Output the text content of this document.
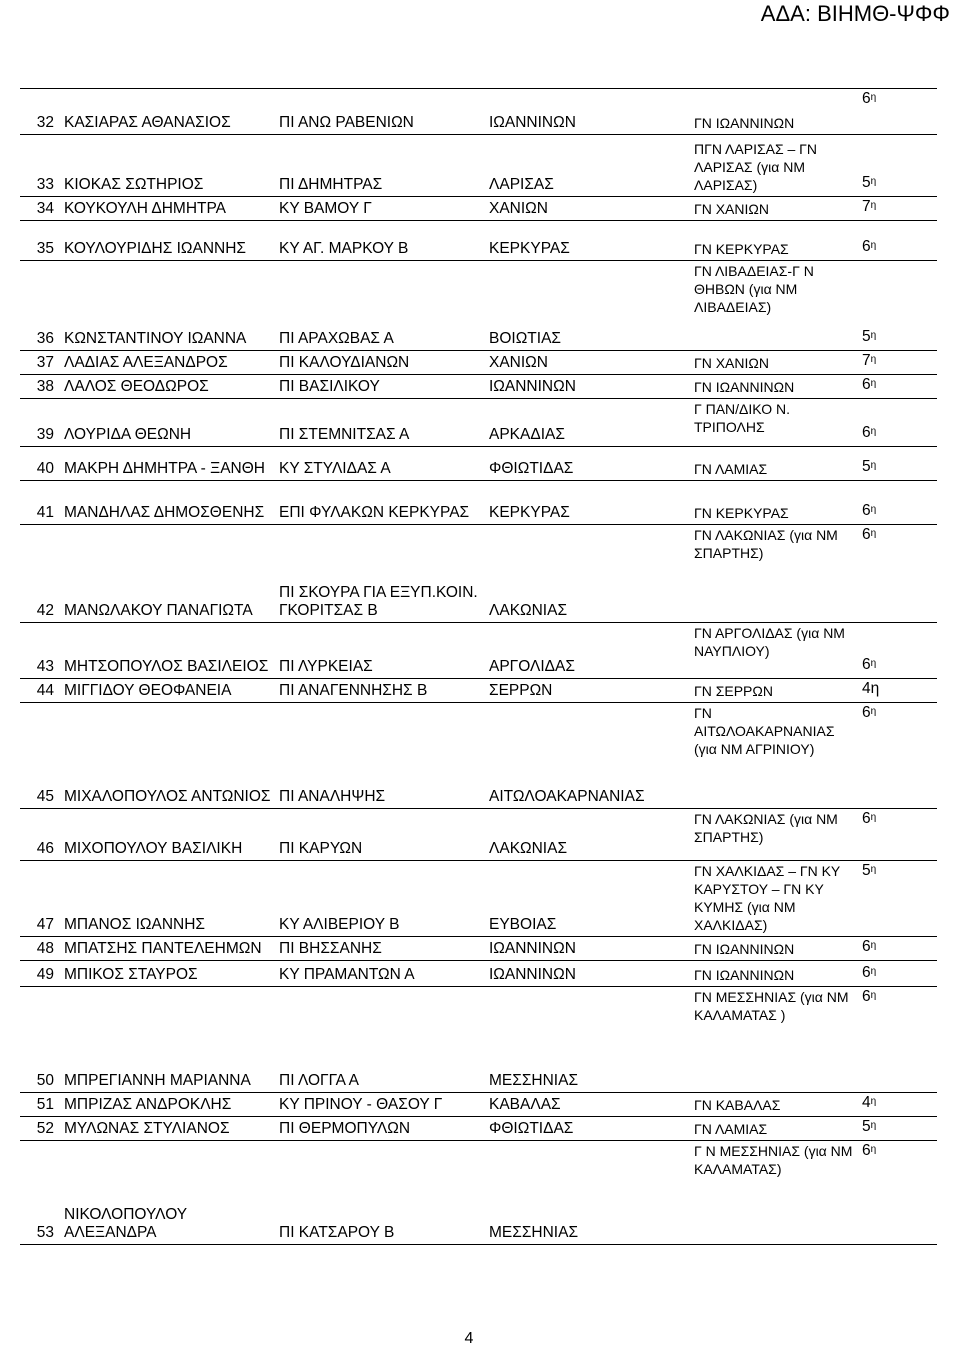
ΑΔΑ: ΒΙΗΜΘ-ΨΦΦ
32	ΚΑΣΙΑΡΑΣ ΑΘΑΝΑΣΙΟΣ	ΠΙ ΑΝΩ ΡΑΒΕΝΙΩΝ	ΙΩΑΝΝΙΝΩΝ	ΓΝ ΙΩΑΝΝΙΝΩΝ	$6^\eta$
33	ΚΙΟΚΑΣ ΣΩΤΗΡΙΟΣ	ΠΙ ΔΗΜΗΤΡΑΣ	ΛΑΡΙΣΑΣ	ΠΓΝ ΛΑΡΙΣΑΣ – ΓΝ ΛΑΡΙΣΑΣ (για ΝΜ ΛΑΡΙΣΑΣ)	$5^\eta$
34	ΚΟΥΚΟΥΛΗ ΔΗΜΗΤΡΑ	ΚΥ ΒΑΜΟΥ Γ	ΧΑΝΙΩΝ	ΓΝ ΧΑΝΙΩΝ	$7^\eta$
35	ΚΟΥΛΟΥΡΙΔΗΣ ΙΩΑΝΝΗΣ	ΚΥ ΑΓ. ΜΑΡΚΟΥ Β	ΚΕΡΚΥΡΑΣ	ΓΝ ΚΕΡΚΥΡΑΣ	$6^\eta$
36	ΚΩΝΣΤΑΝΤΙΝΟΥ ΙΩΑΝΝΑ	ΠΙ ΑΡΑΧΩΒΑΣ Α	ΒΟΙΩΤΙΑΣ	ΓΝ ΛΙΒΑΔΕΙΑΣ-Γ Ν ΘΗΒΩΝ (για ΝΜ ΛΙΒΑΔΕΙΑΣ)	$5^\eta$
37	ΛΑΔΙΑΣ ΑΛΕΞΑΝΔΡΟΣ	ΠΙ ΚΑΛΟΥΔΙΑΝΩΝ	ΧΑΝΙΩΝ	ΓΝ ΧΑΝΙΩΝ	$7^\eta$
38	ΛΑΛΟΣ ΘΕΟΔΩΡΟΣ	ΠΙ ΒΑΣΙΛΙΚΟΥ	ΙΩΑΝΝΙΝΩΝ	ΓΝ ΙΩΑΝΝΙΝΩΝ	$6^\eta$
39	ΛΟΥΡΙΔΑ ΘΕΩΝΗ	ΠΙ ΣΤΕΜΝΙΤΣΑΣ Α	ΑΡΚΑΔΙΑΣ	Γ ΠΑΝ/ΔΙΚΟ Ν. ΤΡΙΠΟΛΗΣ	$6^\eta$
40	ΜΑΚΡΗ ΔΗΜΗΤΡΑ - ΞΑΝΘΗ	ΚΥ ΣΤΥΛΙΔΑΣ Α	ΦΘΙΩΤΙΔΑΣ	ΓΝ ΛΑΜΙΑΣ	$5^\eta$
41	ΜΑΝΔΗΛΑΣ ΔΗΜΟΣΘΕΝΗΣ	ΕΠΙ ΦΥΛΑΚΩΝ ΚΕΡΚΥΡΑΣ	ΚΕΡΚΥΡΑΣ	ΓΝ ΚΕΡΚΥΡΑΣ	$6^\eta$
42	ΜΑΝΩΛΑΚΟΥ ΠΑΝΑΓΙΩΤΑ	ΠΙ ΣΚΟΥΡΑ ΓΙΑ ΕΞΥΠ.ΚΟΙΝ. ΓΚΟΡΙΤΣΑΣ Β	ΛΑΚΩΝΙΑΣ	ΓΝ ΛΑΚΩΝΙΑΣ (για ΝΜ ΣΠΑΡΤΗΣ)	$6^\eta$
43	ΜΗΤΣΟΠΟΥΛΟΣ ΒΑΣΙΛΕΙΟΣ	ΠΙ ΛΥΡΚΕΙΑΣ	ΑΡΓΟΛΙΔΑΣ	ΓΝ ΑΡΓΟΛΙΔΑΣ (για ΝΜ ΝΑΥΠΛΙΟΥ)	$6^\eta$
44	ΜΙΓΓΙΔΟΥ ΘΕΟΦΑΝΕΙΑ	ΠΙ ΑΝΑΓΕΝΝΗΣΗΣ Β	ΣΕΡΡΩΝ	ΓΝ ΣΕΡΡΩΝ	4η
45	ΜΙΧΑΛΟΠΟΥΛΟΣ ΑΝΤΩΝΙΟΣ	ΠΙ ΑΝΑΛΗΨΗΣ	ΑΙΤΩΛΟΑΚΑΡΝΑΝΙΑΣ	ΓΝ ΑΙΤΩΛΟΑΚΑΡΝΑΝΙΑΣ (για ΝΜ ΑΓΡΙΝΙΟΥ)	$6^\eta$
46	ΜΙΧΟΠΟΥΛΟΥ ΒΑΣΙΛΙΚΗ	ΠΙ ΚΑΡΥΩΝ	ΛΑΚΩΝΙΑΣ	ΓΝ ΛΑΚΩΝΙΑΣ (για ΝΜ ΣΠΑΡΤΗΣ)	$6^\eta$
47	ΜΠΑΝΟΣ ΙΩΑΝΝΗΣ	ΚΥ ΑΛΙΒΕΡΙΟΥ Β	ΕΥΒΟΙΑΣ	ΓΝ ΧΑΛΚΙΔΑΣ – ΓΝ ΚΥ ΚΑΡΥΣΤΟΥ – ΓΝ ΚΥ ΚΥΜΗΣ (για ΝΜ ΧΑΛΚΙΔΑΣ)	$5^\eta$
48	ΜΠΑΤΣΗΣ ΠΑΝΤΕΛΕΗΜΩΝ	ΠΙ ΒΗΣΣΑΝΗΣ	ΙΩΑΝΝΙΝΩΝ	ΓΝ ΙΩΑΝΝΙΝΩΝ	$6^\eta$
49	ΜΠΙΚΟΣ ΣΤΑΥΡΟΣ	ΚΥ ΠΡΑΜΑΝΤΩΝ Α	ΙΩΑΝΝΙΝΩΝ	ΓΝ ΙΩΑΝΝΙΝΩΝ	$6^\eta$
50	ΜΠΡΕΓΙΑΝΝΗ ΜΑΡΙΑΝΝΑ	ΠΙ ΛΟΓΓΑ Α	ΜΕΣΣΗΝΙΑΣ	ΓΝ ΜΕΣΣΗΝΙΑΣ (για ΝΜ ΚΑΛΑΜΑΤΑΣ )	$6^\eta$
51	ΜΠΡΙΖΑΣ ΑΝΔΡΟΚΛΗΣ	ΚΥ ΠΡΙΝΟΥ - ΘΑΣΟΥ Γ	ΚΑΒΑΛΑΣ	ΓΝ ΚΑΒΑΛΑΣ	$4^\eta$
52	ΜΥΛΩΝΑΣ ΣΤΥΛΙΑΝΟΣ	ΠΙ ΘΕΡΜΟΠΥΛΩΝ	ΦΘΙΩΤΙΔΑΣ	ΓΝ ΛΑΜΙΑΣ	$5^\eta$
53	ΝΙΚΟΛΟΠΟΥΛΟΥ ΑΛΕΞΑΝΔΡΑ	ΠΙ ΚΑΤΣΑΡΟΥ Β	ΜΕΣΣΗΝΙΑΣ	Γ Ν ΜΕΣΣΗΝΙΑΣ (για ΝΜ ΚΑΛΑΜΑΤΑΣ)	$6^\eta$
4
